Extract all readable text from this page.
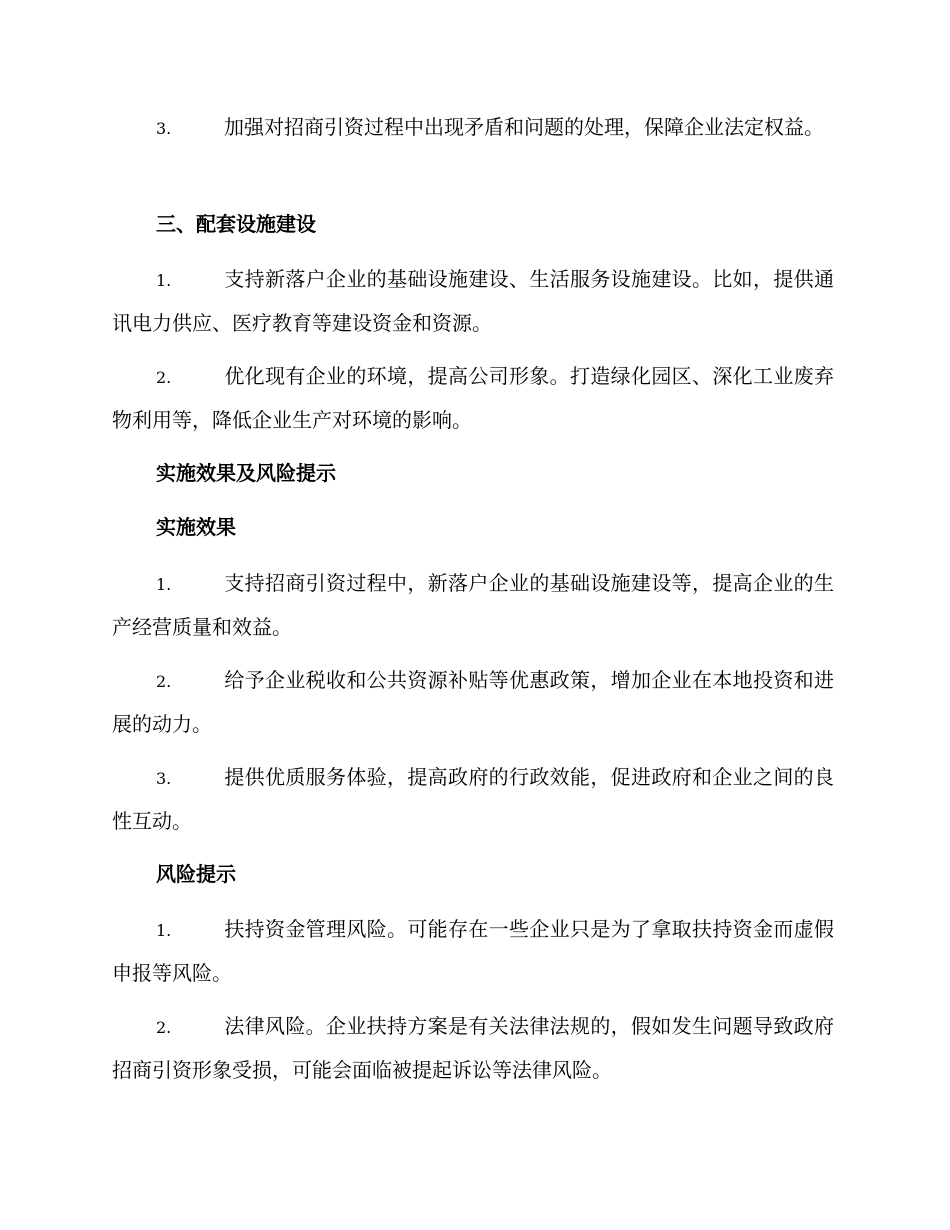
3.	加强对招商引资过程中出现矛盾和问题的处理，保障企业法定权益。

三、配套设施建设

1.	支持新落户企业的基础设施建设、生活服务设施建设。比如，提供通讯电力供应、医疗教育等建设资金和资源。

2.	优化现有企业的环境，提高公司形象。打造绿化园区、深化工业废弃物利用等，降低企业生产对环境的影响。

实施效果及风险提示
实施效果

1.	支持招商引资过程中，新落户企业的基础设施建设等，提高企业的生产经营质量和效益。

2.	给予企业税收和公共资源补贴等优惠政策，增加企业在本地投资和进展的动力。

3.	提供优质服务体验，提高政府的行政效能，促进政府和企业之间的良性互动。

风险提示

1.	扶持资金管理风险。可能存在一些企业只是为了拿取扶持资金而虚假申报等风险。

2.	法律风险。企业扶持方案是有关法律法规的，假如发生问题导致政府招商引资形象受损，可能会面临被提起诉讼等法律风险。
